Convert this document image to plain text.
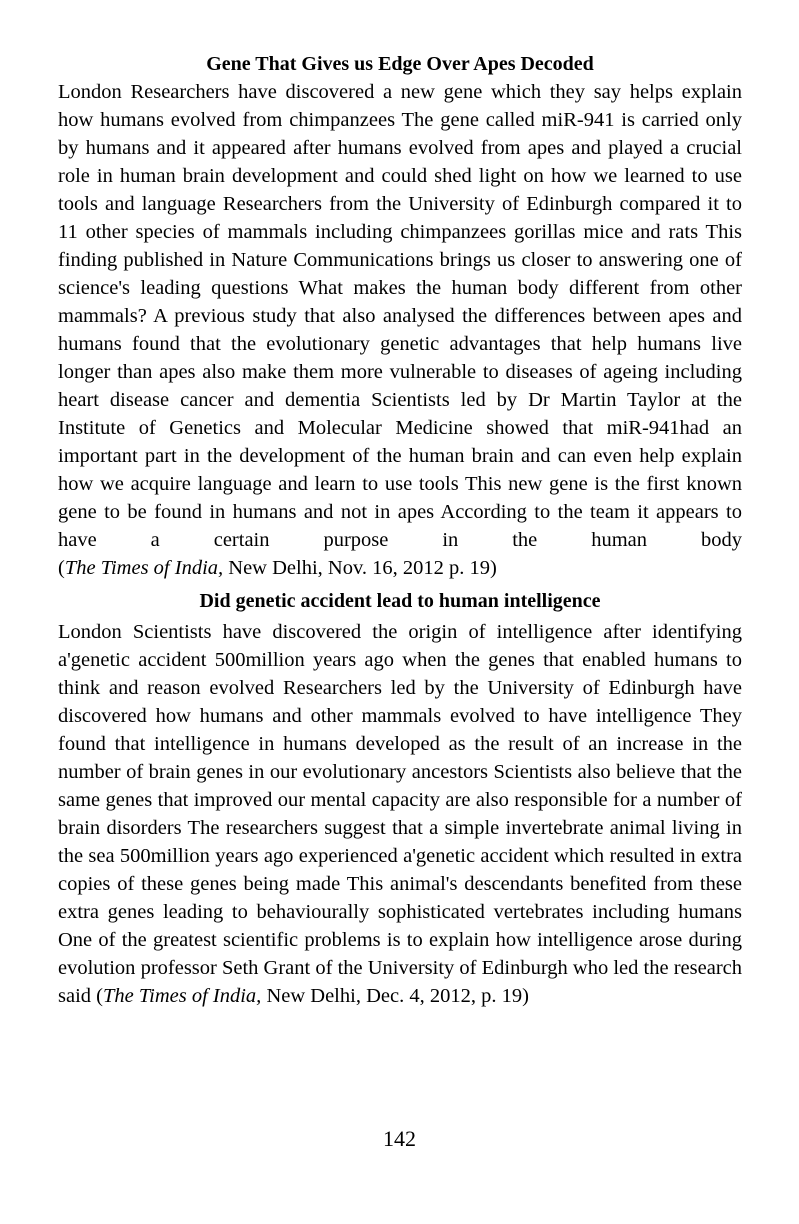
Gene That Gives us Edge Over Apes Decoded

London Researchers have discovered a new gene which they say helps explain how humans evolved from chimpanzees The gene called miR-941 is carried only by humans and it appeared after humans evolved from apes and played a crucial role in human brain development and could shed light on how we learned to use tools and language Researchers from the University of Edinburgh compared it to 11 other species of mammals including chimpanzees gorillas mice and rats This finding published in Nature Communications brings us closer to answering one of science's leading questions What makes the human body different from other mammals? A previous study that also analysed the differences between apes and humans found that the evolutionary genetic advantages that help humans live longer than apes also make them more vulnerable to diseases of ageing including heart disease cancer and dementia Scientists led by Dr Martin Taylor at the Institute of Genetics and Molecular Medicine showed that miR-941had an important part in the development of the human brain and can even help explain how we acquire language and learn to use tools This new gene is the first known gene to be found in humans and not in apes According to the team it appears to have a certain purpose in the human body (The Times of India, New Delhi, Nov. 16, 2012 p. 19)

Did genetic accident lead to human intelligence

London Scientists have discovered the origin of intelligence after identifying a'genetic accident 500million years ago when the genes that enabled humans to think and reason evolved Researchers led by the University of Edinburgh have discovered how humans and other mammals evolved to have intelligence They found that intelligence in humans developed as the result of an increase in the number of brain genes in our evolutionary ancestors Scientists also believe that the same genes that improved our mental capacity are also responsible for a number of brain disorders The researchers suggest that a simple invertebrate animal living in the sea 500million years ago experienced a'genetic accident which resulted in extra copies of these genes being made This animal's descendants benefited from these extra genes leading to behaviourally sophisticated vertebrates including humans One of the greatest scientific problems is to explain how intelligence arose during evolution professor Seth Grant of the University of Edinburgh who led the research said (The Times of India, New Delhi, Dec. 4, 2012, p. 19)

142
